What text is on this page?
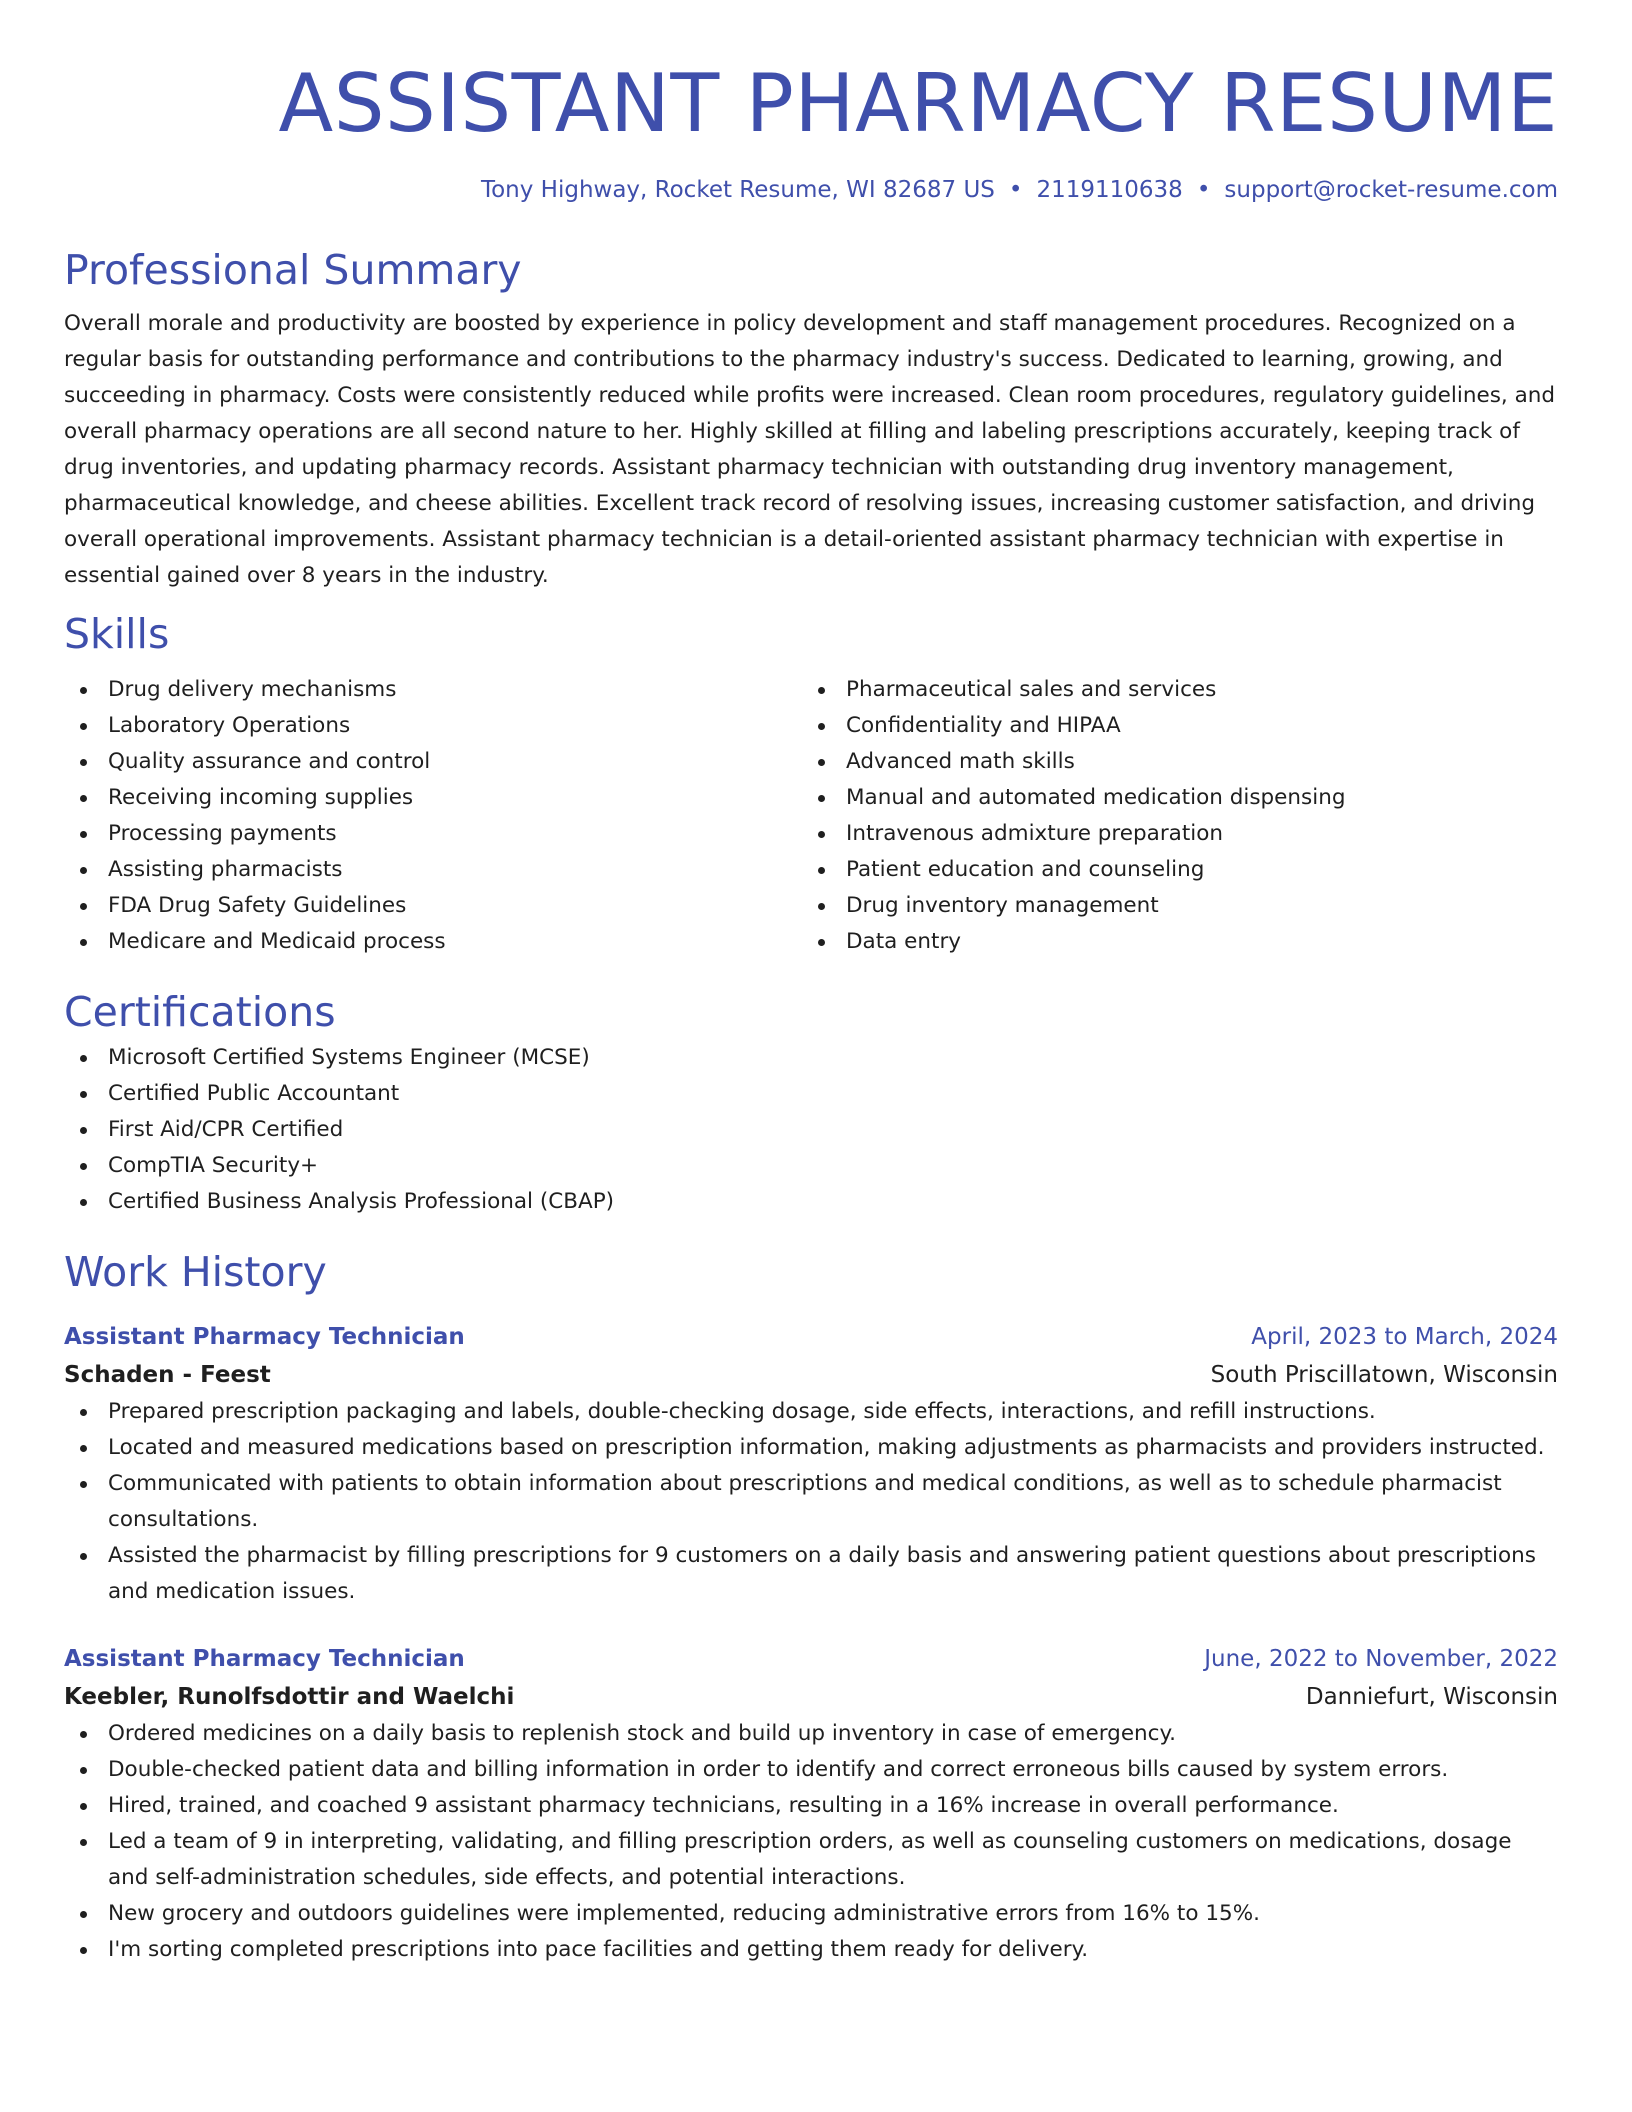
ASSISTANT PHARMACY RESUME
Tony Highway, Rocket Resume, WI 82687 US • 2119110638 • support@rocket-resume.com
Professional Summary

Overall morale and productivity are boosted by experience in policy development and staff management procedures. Recognized on a regular basis for outstanding performance and contributions to the pharmacy industry's success. Dedicated to learning, growing, and succeeding in pharmacy. Costs were consistently reduced while profits were increased. Clean room procedures, regulatory guidelines, and overall pharmacy operations are all second nature to her. Highly skilled at filling and labeling prescriptions accurately, keeping track of drug inventories, and updating pharmacy records. Assistant pharmacy technician with outstanding drug inventory management, pharmaceutical knowledge, and cheese abilities. Excellent track record of resolving issues, increasing customer satisfaction, and driving overall operational improvements. Assistant pharmacy technician is a detail-oriented assistant pharmacy technician with expertise in essential gained over 8 years in the industry.

Skills
Drug delivery mechanisms
Laboratory Operations
Quality assurance and control
Receiving incoming supplies
Processing payments
Assisting pharmacists
FDA Drug Safety Guidelines
Medicare and Medicaid process
Pharmaceutical sales and services
Confidentiality and HIPAA
Advanced math skills
Manual and automated medication dispensing
Intravenous admixture preparation
Patient education and counseling
Drug inventory management
Data entry
Certifications
Microsoft Certified Systems Engineer (MCSE)
Certified Public Accountant
First Aid/CPR Certified
CompTIA Security+
Certified Business Analysis Professional (CBAP)
Work History
Assistant Pharmacy Technician	April, 2023 to March, 2024
Schaden - Feest	South Priscillatown, Wisconsin
Prepared prescription packaging and labels, double-checking dosage, side effects, interactions, and refill instructions.
Located and measured medications based on prescription information, making adjustments as pharmacists and providers instructed.
Communicated with patients to obtain information about prescriptions and medical conditions, as well as to schedule pharmacist consultations.
Assisted the pharmacist by filling prescriptions for 9 customers on a daily basis and answering patient questions about prescriptions and medication issues.
Assistant Pharmacy Technician	June, 2022 to November, 2022
Keebler, Runolfsdottir and Waelchi	Danniefurt, Wisconsin
Ordered medicines on a daily basis to replenish stock and build up inventory in case of emergency.
Double-checked patient data and billing information in order to identify and correct erroneous bills caused by system errors.
Hired, trained, and coached 9 assistant pharmacy technicians, resulting in a 16% increase in overall performance.
Led a team of 9 in interpreting, validating, and filling prescription orders, as well as counseling customers on medications, dosage and self-administration schedules, side effects, and potential interactions.
New grocery and outdoors guidelines were implemented, reducing administrative errors from 16% to 15%.
I'm sorting completed prescriptions into pace facilities and getting them ready for delivery.
